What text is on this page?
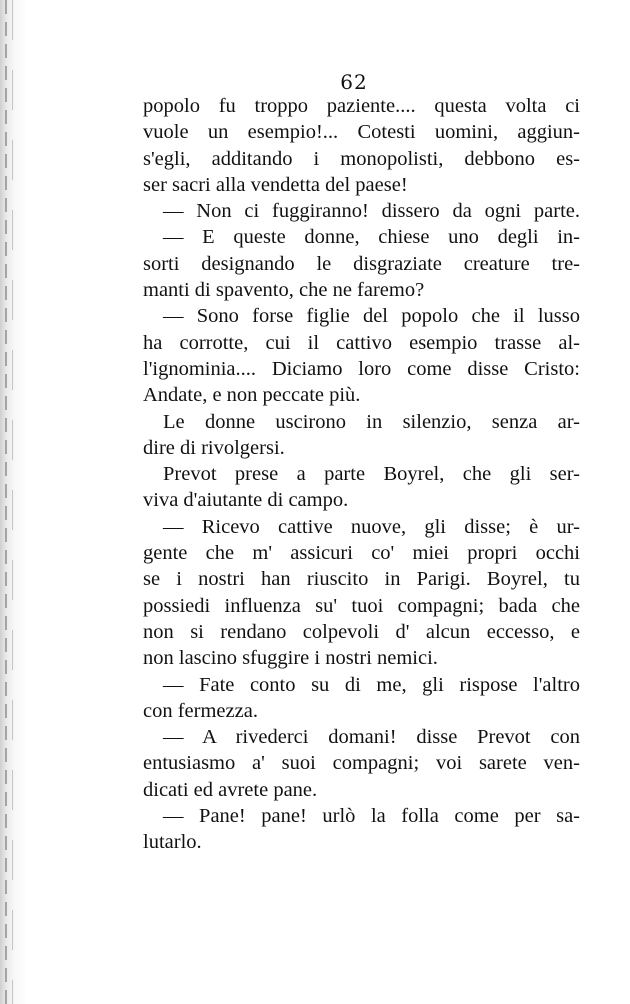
62
popolo fu troppo paziente.... questa volta ci
vuole un esempio!... Cotesti uomini, aggiun-
s'egli, additando i monopolisti, debbono es-
ser sacri alla vendetta del paese!
— Non ci fuggiranno! dissero da ogni parte.
— E queste donne, chiese uno degli in-
sorti designando le disgraziate creature tre-
manti di spavento, che ne faremo?
— Sono forse figlie del popolo che il lusso
ha corrotte, cui il cattivo esempio trasse al-
l'ignominia.... Diciamo loro come disse Cristo:
Andate, e non peccate più.
Le donne uscirono in silenzio, senza ar-
dire di rivolgersi.
Prevot prese a parte Boyrel, che gli ser-
viva d'aiutante di campo.
— Ricevo cattive nuove, gli disse; è ur-
gente che m' assicuri co' miei propri occhi
se i nostri han riuscito in Parigi. Boyrel, tu
possiedi influenza su' tuoi compagni; bada che
non si rendano colpevoli d' alcun eccesso, e
non lascino sfuggire i nostri nemici.
— Fate conto su di me, gli rispose l'altro
con fermezza.
— A rivederci domani! disse Prevot con
entusiasmo a' suoi compagni; voi sarete ven-
dicati ed avrete pane.
— Pane! pane! urlò la folla come per sa-
lutarlo.
